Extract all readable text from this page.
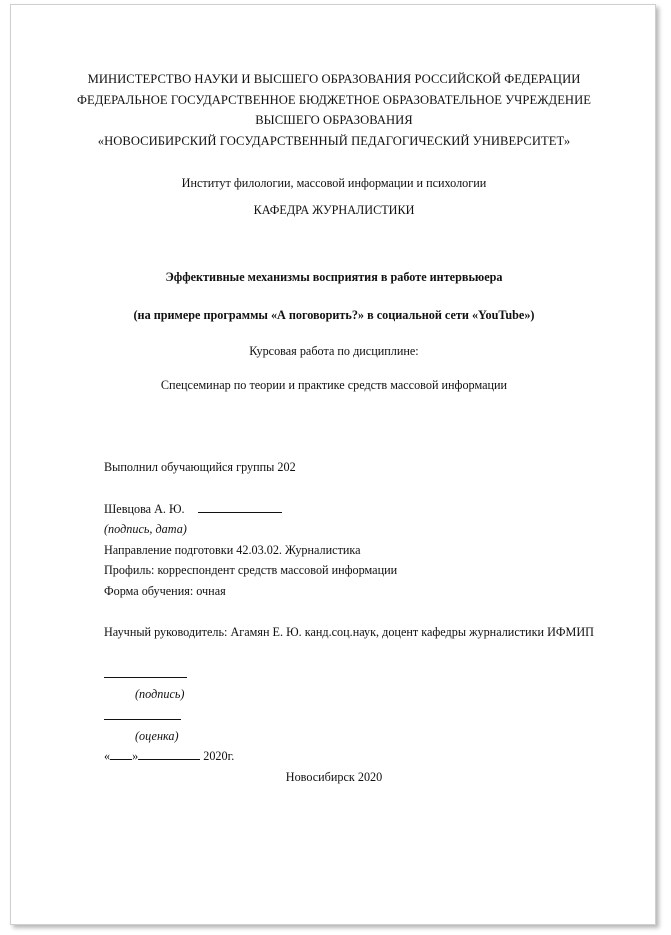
МИНИСТЕРСТВО НАУКИ И ВЫСШЕГО ОБРАЗОВАНИЯ РОССИЙСКОЙ ФЕДЕРАЦИИ
ФЕДЕРАЛЬНОЕ ГОСУДАРСТВЕННОЕ БЮДЖЕТНОЕ ОБРАЗОВАТЕЛЬНОЕ УЧРЕЖДЕНИЕ
ВЫСШЕГО ОБРАЗОВАНИЯ
«НОВОСИБИРСКИЙ ГОСУДАРСТВЕННЫЙ ПЕДАГОГИЧЕСКИЙ УНИВЕРСИТЕТ»
Институт филологии, массовой информации и психологии
КАФЕДРА ЖУРНАЛИСТИКИ
Эффективные механизмы восприятия в работе интервьюера
(на примере программы «А поговорить?» в социальной сети «YouTube»)
Курсовая работа по дисциплине:
Спецсеминар по теории и практике средств массовой информации
Выполнил обучающийся группы 202
Шевцова А. Ю.
(подпись, дата)
Направление подготовки 42.03.02. Журналистика
Профиль: корреспондент средств массовой информации
Форма обучения: очная
Научный руководитель: Агамян Е. Ю. канд.соц.наук, доцент кафедры журналистики ИФМИП
(подпись)
(оценка)
« »	2020г.
Новосибирск 2020
